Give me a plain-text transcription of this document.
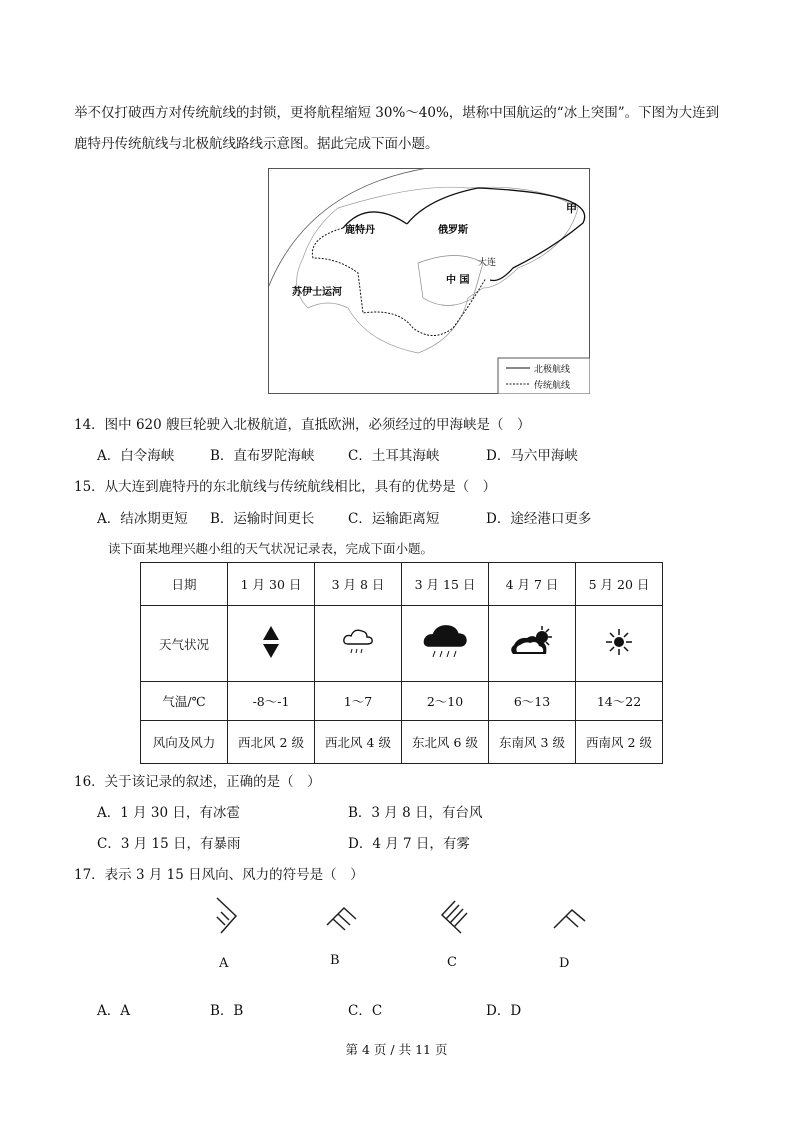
举不仅打破西方对传统航线的封锁，更将航程缩短 30%～40%，堪称中国航运的“冰上突围”。下图为大连到
鹿特丹传统航线与北极航线路线示意图。据此完成下面小题。
鹿特丹	俄罗斯
中 国
大连
苏伊士运河
甲
北极航线
传统航线
14．图中 620 艘巨轮驶入北极航道，直抵欧洲，必须经过的甲海峡是（　）
A．白令海峡	B．直布罗陀海峡 C．土耳其海峡	D．马六甲海峡
15．从大连到鹿特丹的东北航线与传统航线相比，具有的优势是（　）
A．结冰期更短 B．运输时间更长 C．运输距离短	D．途经港口更多
读下面某地理兴趣小组的天气状况记录表，完成下面小题。
日期	1 月 30 日	3 月 8 日	3 月 15 日	4 月 7 日	5 月 20 日
天气状况					
气温/℃	-8～-1	1～7	2～10	6～13	14～22
风向及风力	西北风 2 级	西北风 4 级	东北风 6 级	东南风 3 级	西南风 2 级
16．关于该记录的叙述，正确的是（　）
A．1 月 30 日，有冰雹	B．3 月 8 日，有台风
C．3 月 15 日，有暴雨	D．4 月 7 日，有雾
17．表示 3 月 15 日风向、风力的符号是（　）
A	B	C	D
A．A	B．B	C．C	D．D
第 4 页 / 共 11 页
